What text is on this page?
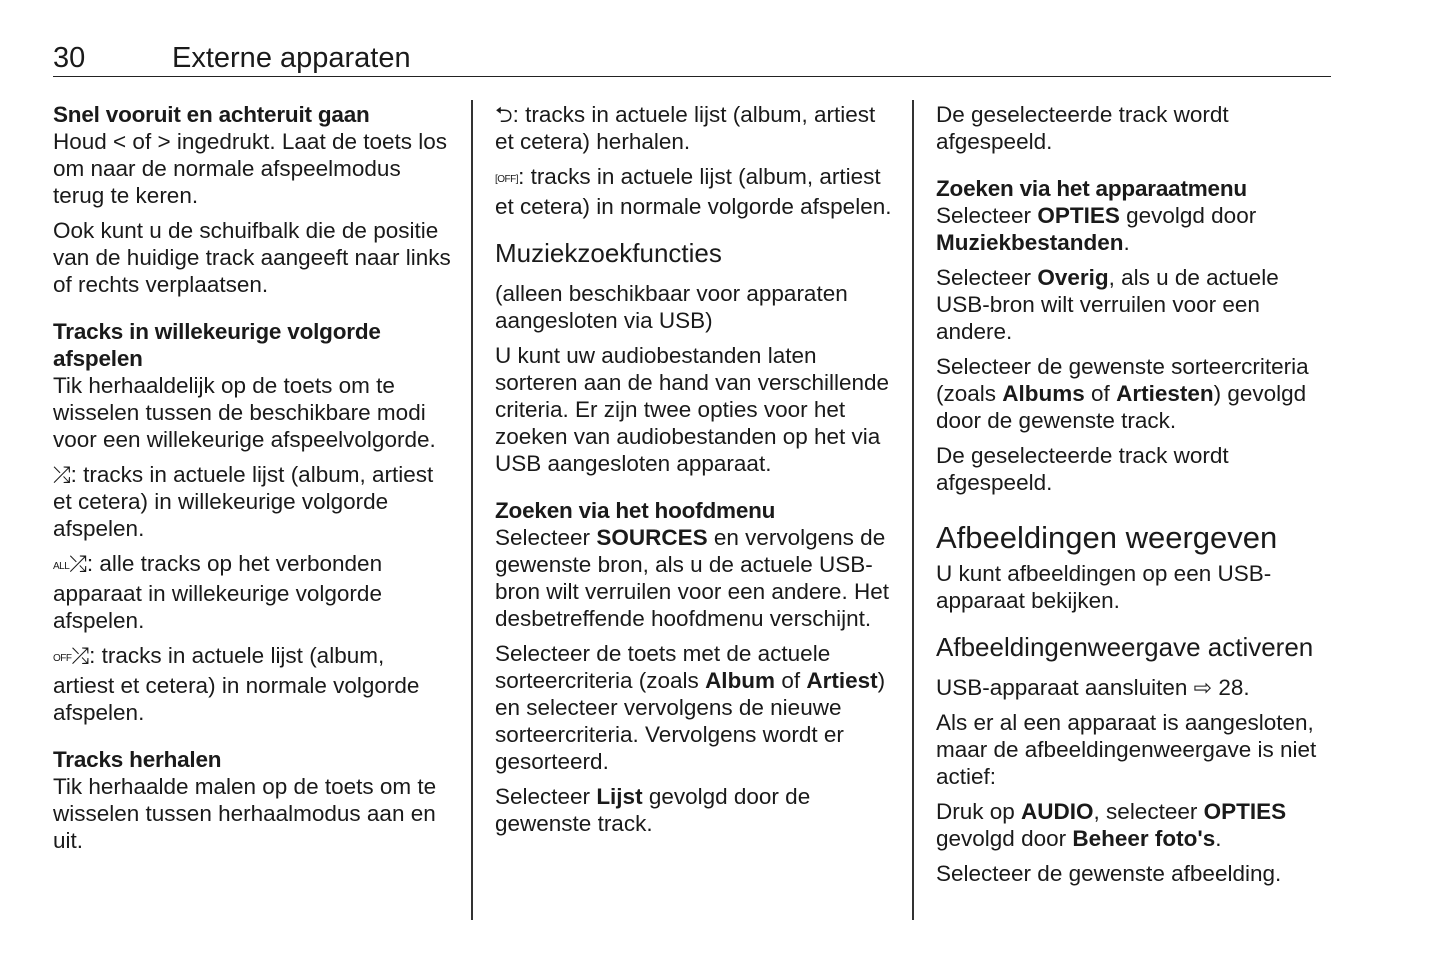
30	Externe apparaten
Snel vooruit en achteruit gaan
Houd < of > ingedrukt. Laat de toets los om naar de normale afspeelmodus terug te keren.
Ook kunt u de schuifbalk die de positie van de huidige track aangeeft naar links of rechts verplaatsen.
Tracks in willekeurige volgorde afspelen
Tik herhaaldelijk op de toets om te wisselen tussen de beschikbare modi voor een willekeurige afspeelvolgorde.
⤮: tracks in actuele lijst (album, artiest et cetera) in willekeurige volgorde afspelen.
ALL⤮: alle tracks op het verbonden apparaat in willekeurige volgorde afspelen.
OFF⤮: tracks in actuele lijst (album, artiest et cetera) in normale volgorde afspelen.
Tracks herhalen
Tik herhaalde malen op de toets om te wisselen tussen herhaalmodus aan en uit.
⮌: tracks in actuele lijst (album, artiest et cetera) herhalen.
[OFF]: tracks in actuele lijst (album, artiest et cetera) in normale volgorde afspelen.
Muziekzoekfuncties
(alleen beschikbaar voor apparaten aangesloten via USB)
U kunt uw audiobestanden laten sorteren aan de hand van verschillende criteria. Er zijn twee opties voor het zoeken van audiobestanden op het via USB aangesloten apparaat.
Zoeken via het hoofdmenu
Selecteer SOURCES en vervolgens de gewenste bron, als u de actuele USB-bron wilt verruilen voor een andere. Het desbetreffende hoofdmenu verschijnt.
Selecteer de toets met de actuele sorteercriteria (zoals Album of Artiest) en selecteer vervolgens de nieuwe sorteercriteria. Vervolgens wordt er gesorteerd.
Selecteer Lijst gevolgd door de gewenste track.
De geselecteerde track wordt afgespeeld.
Zoeken via het apparaatmenu
Selecteer OPTIES gevolgd door Muziekbestanden.
Selecteer Overig, als u de actuele USB-bron wilt verruilen voor een andere.
Selecteer de gewenste sorteercriteria (zoals Albums of Artiesten) gevolgd door de gewenste track.
De geselecteerde track wordt afgespeeld.
Afbeeldingen weergeven
U kunt afbeeldingen op een USB-apparaat bekijken.
Afbeeldingenweergave activeren
USB-apparaat aansluiten ⇨ 28.
Als er al een apparaat is aangesloten, maar de afbeeldingenweergave is niet actief:
Druk op AUDIO, selecteer OPTIES gevolgd door Beheer foto's.
Selecteer de gewenste afbeelding.
